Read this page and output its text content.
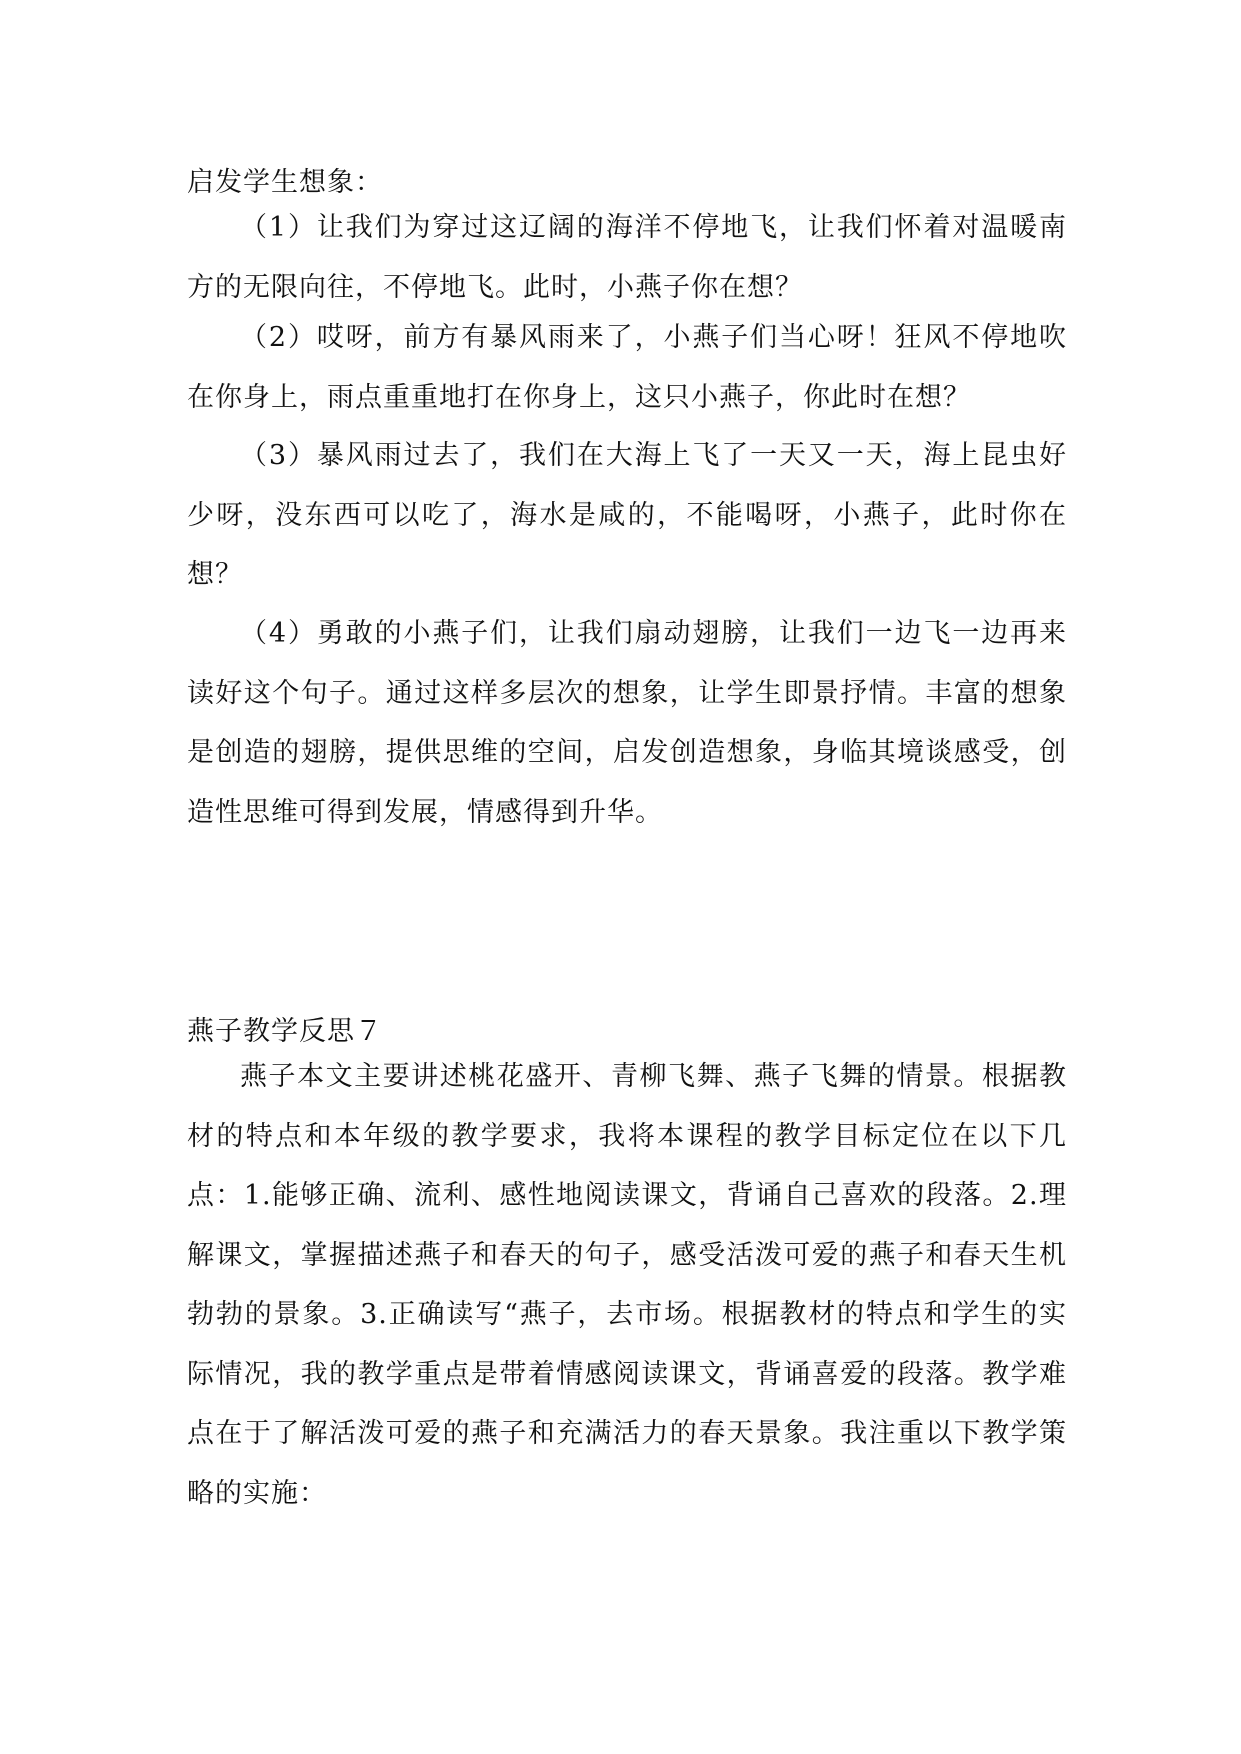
启发学生想象：
（1）让我们为穿过这辽阔的海洋不停地飞，让我们怀着对温暖南方的无限向往，不停地飞。此时，小燕子你在想？
（2）哎呀，前方有暴风雨来了，小燕子们当心呀！狂风不停地吹在你身上，雨点重重地打在你身上，这只小燕子，你此时在想？
（3）暴风雨过去了，我们在大海上飞了一天又一天，海上昆虫好少呀，没东西可以吃了，海水是咸的，不能喝呀，小燕子，此时你在想？
（4）勇敢的小燕子们，让我们扇动翅膀，让我们一边飞一边再来读好这个句子。通过这样多层次的想象，让学生即景抒情。丰富的想象是创造的翅膀，提供思维的空间，启发创造想象，身临其境谈感受，创造性思维可得到发展，情感得到升华。
燕子教学反思７
燕子本文主要讲述桃花盛开、青柳飞舞、燕子飞舞的情景。根据教材的特点和本年级的教学要求，我将本课程的教学目标定位在以下几点：1.能够正确、流利、感性地阅读课文，背诵自己喜欢的段落。2.理解课文，掌握描述燕子和春天的句子，感受活泼可爱的燕子和春天生机勃勃的景象。3.正确读写“燕子，去市场。根据教材的特点和学生的实际情况，我的教学重点是带着情感阅读课文，背诵喜爱的段落。教学难点在于了解活泼可爱的燕子和充满活力的春天景象。我注重以下教学策略的实施：
